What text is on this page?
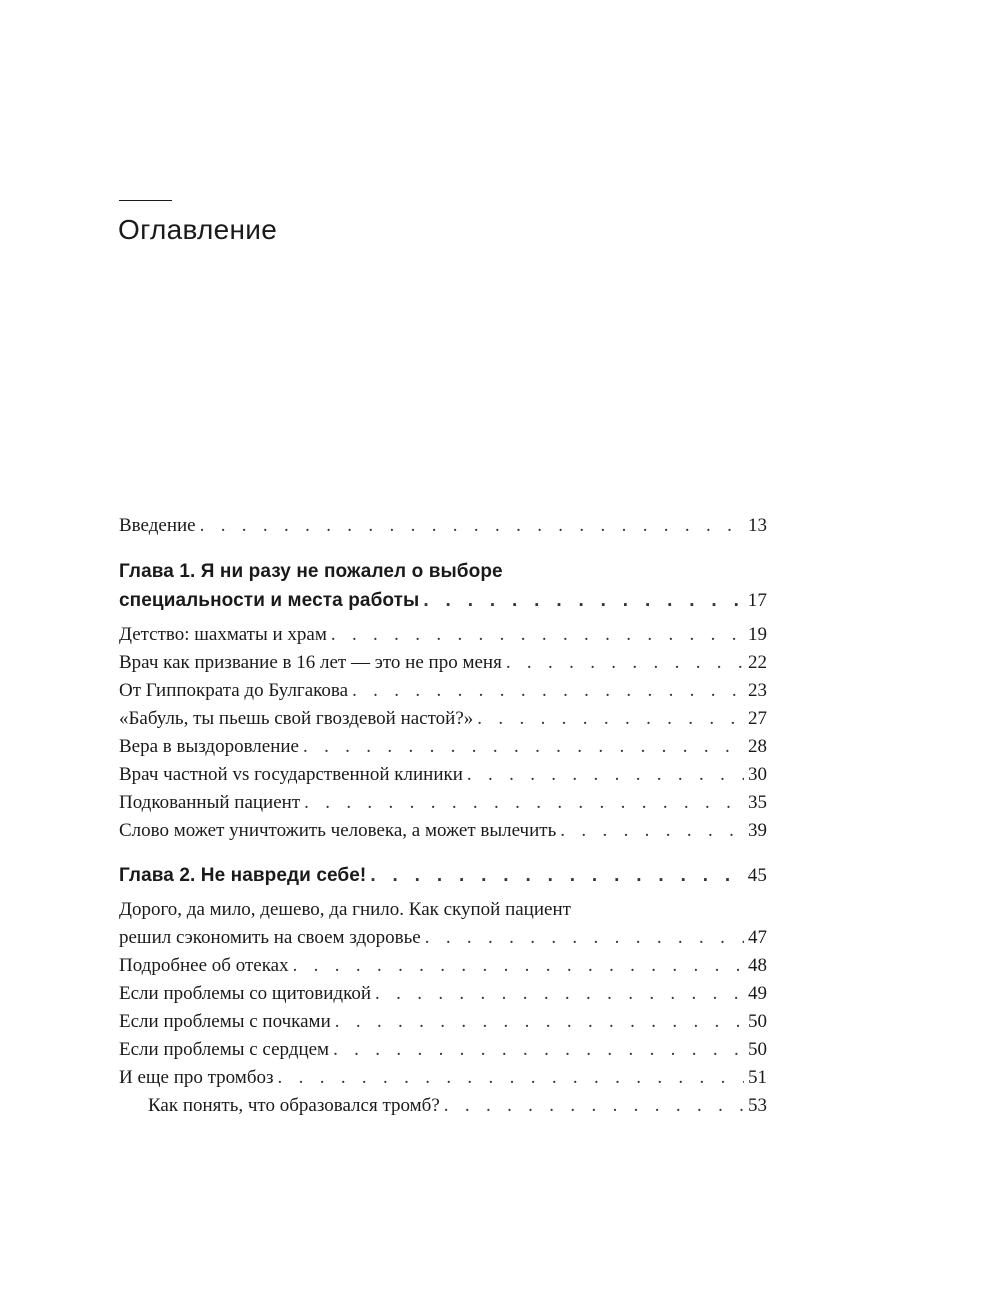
Оглавление
Введение . . .	13
Глава 1. Я ни разу не пожалел о выборе
специальности и места работы . . .	17
Детство: шахматы и храм . . .	19
Врач как призвание в 16 лет — это не про меня . . .	22
От Гиппократа до Булгакова . . .	23
«Бабуль, ты пьешь свой гвоздевой настой?» . . .	27
Вера в выздоровление . . .	28
Врач частной vs государственной клиники . . .	30
Подкованный пациент . . .	35
Слово может уничтожить человека, а может вылечить . . .	39
Глава 2. Не навреди себе! . . .	45
Дорого, да мило, дешево, да гнило. Как скупой пациент
решил сэкономить на своем здоровье . . .	47
Подробнее об отеках . . .	48
Если проблемы со щитовидкой . . .	49
Если проблемы с почками . . .	50
Если проблемы с сердцем . . .	50
И еще про тромбоз . . .	51
Как понять, что образовался тромб? . . .	53
